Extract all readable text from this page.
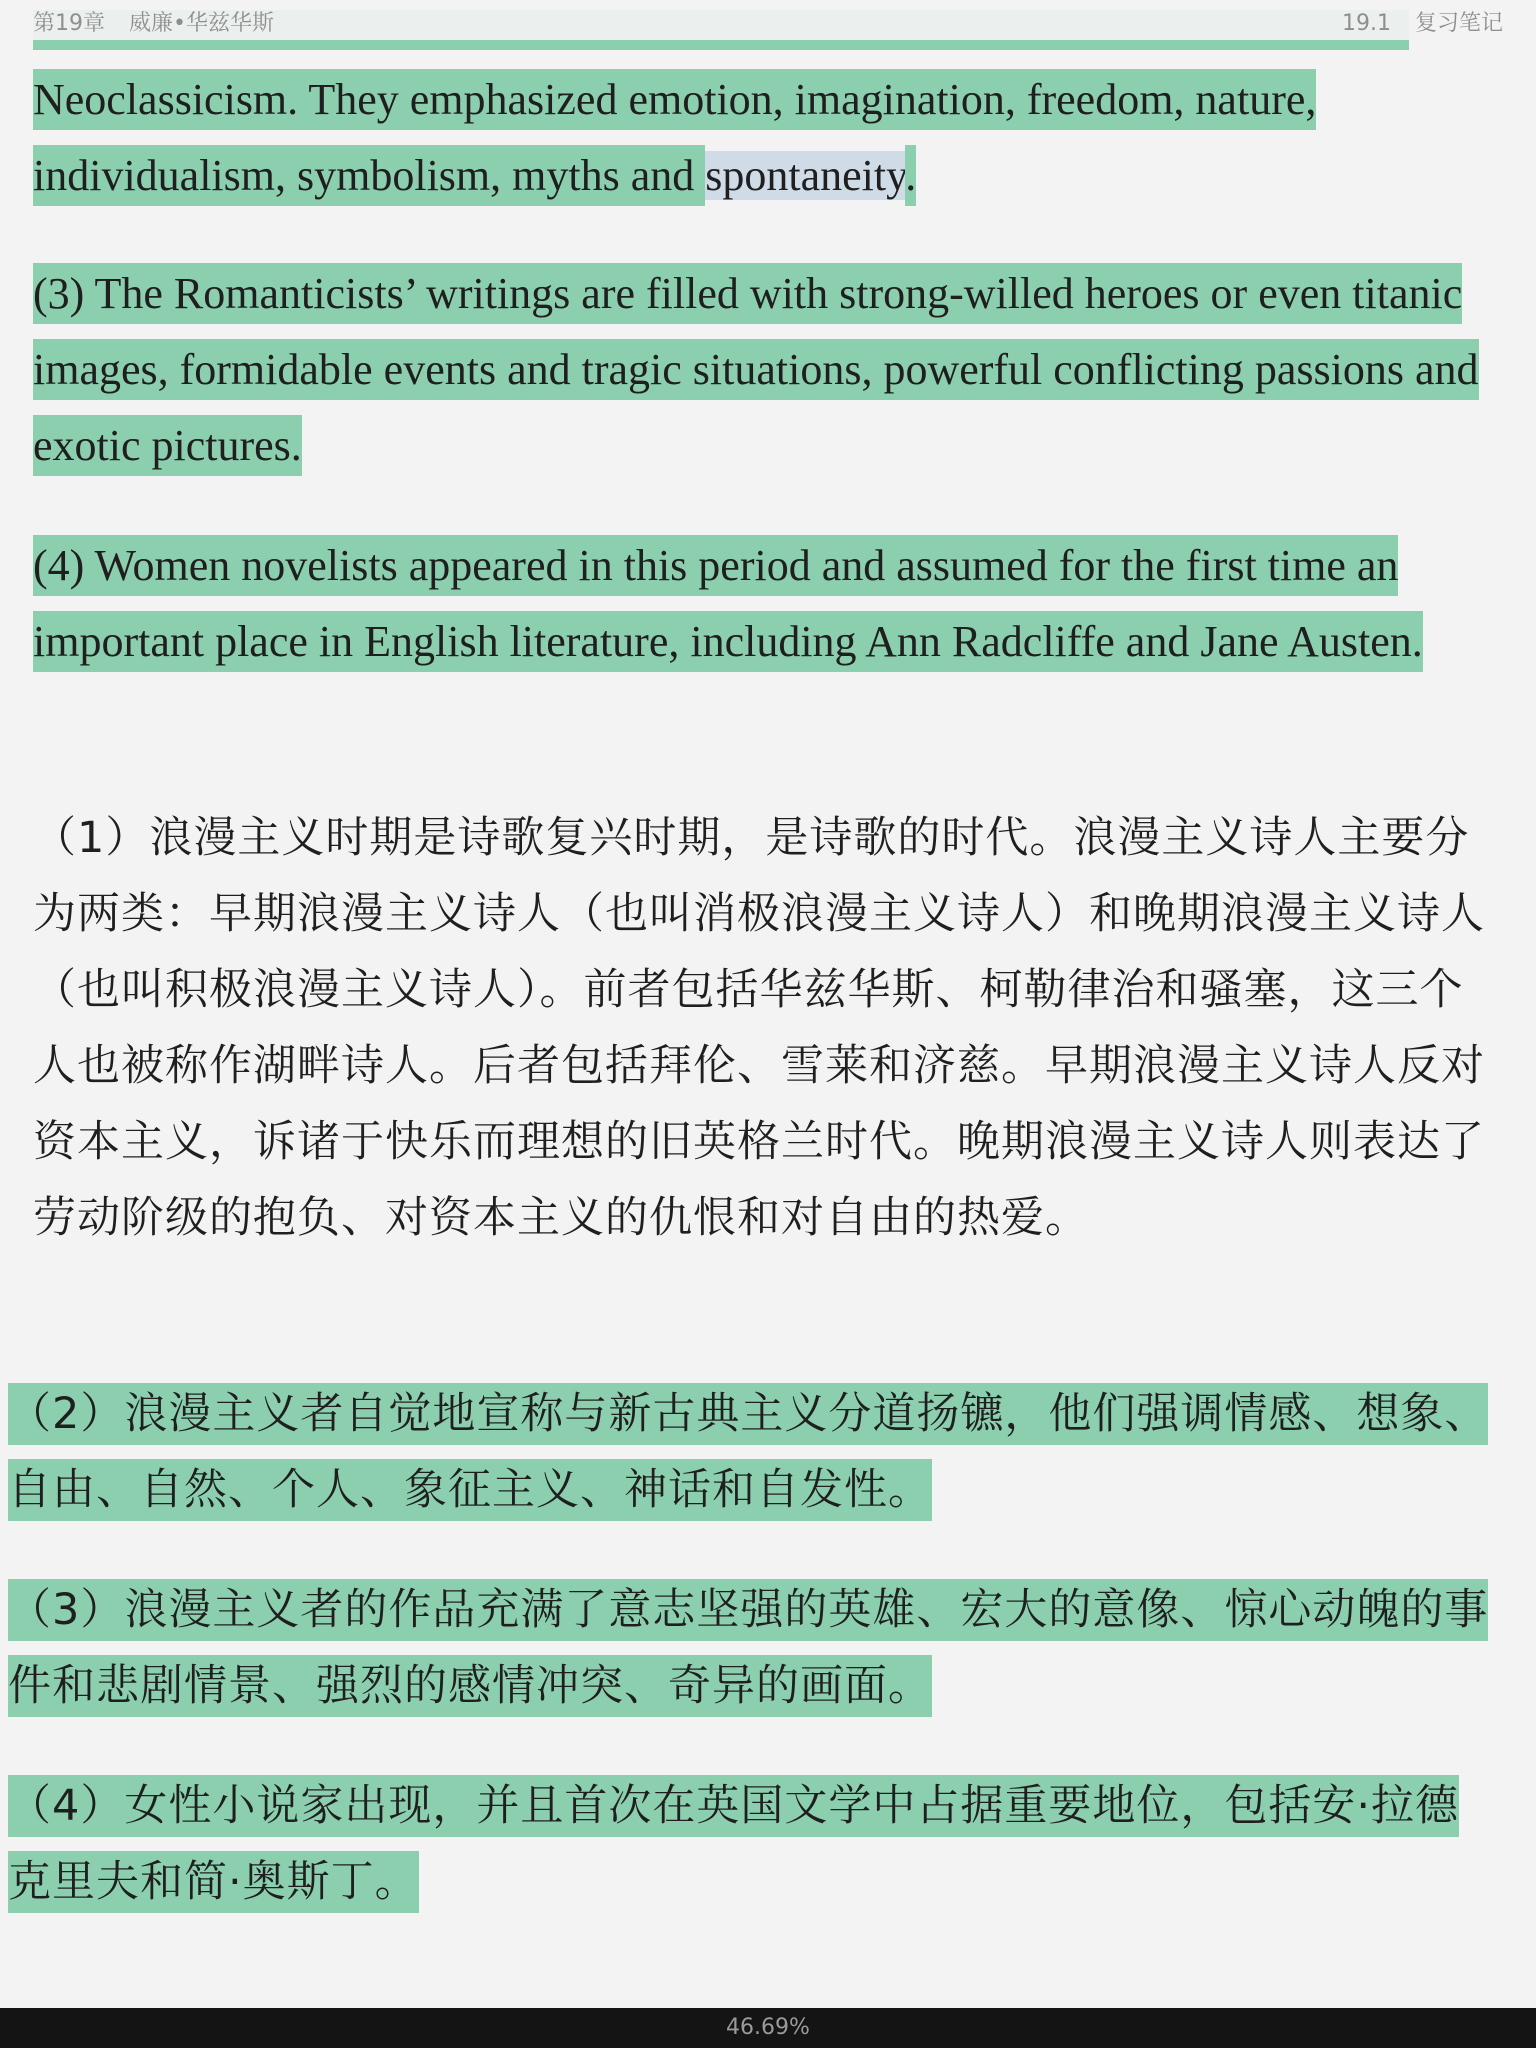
Neoclassicism. They emphasized emotion, imagination, freedom, nature,
individualism, symbolism, myths and spontaneity.

(3) The Romanticists’ writings are filled with strong-willed heroes or even titanic images, formidable events and tragic situations, powerful conflicting passions and exotic pictures.

(4) Women novelists appeared in this period and assumed for the first time an important place in English literature, including Ann Radcliffe and Jane Austen.

（1）浪漫主义时期是诗歌复兴时期，是诗歌的时代。浪漫主义诗人主要分为两类：早期浪漫主义诗人（也叫消极浪漫主义诗人）和晚期浪漫主义诗人（也叫积极浪漫主义诗人）。前者包括华兹华斯、柯勒律治和骚塞，这三个人也被称作湖畔诗人。后者包括拜伦、雪莱和济慈。早期浪漫主义诗人反对资本主义，诉诸于快乐而理想的旧英格兰时代。晚期浪漫主义诗人则表达了劳动阶级的抱负、对资本主义的仇恨和对自由的热爱。

（2）浪漫主义者自觉地宣称与新古典主义分道扬镳，他们强调情感、想象、自由、自然、个人、象征主义、神话和自发性。

（3）浪漫主义者的作品充满了意志坚强的英雄、宏大的意像、惊心动魄的事件和悲剧情景、强烈的感情冲突、奇异的画面。

（4）女性小说家出现，并且首次在英国文学中占据重要地位，包括安·拉德克里夫和简·奥斯丁。

第19章 威廉•华兹华斯	19.1 复习笔记
46.69%
